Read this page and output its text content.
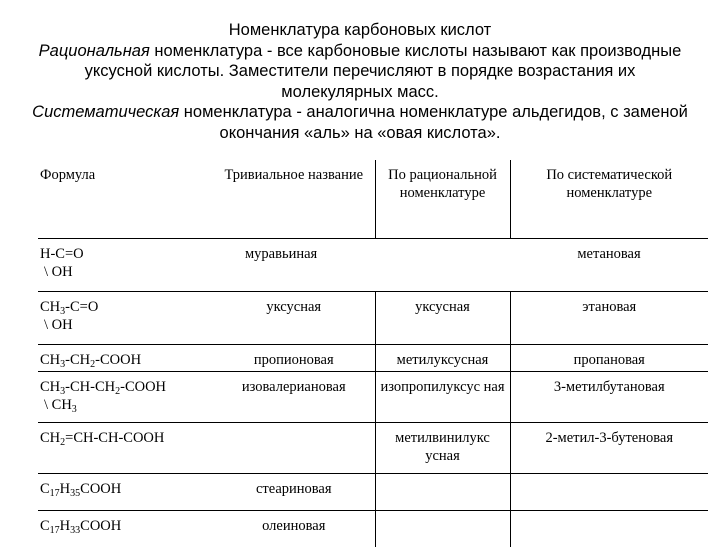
Номенклатура карбоновых кислот

Рациональная номенклатура - все карбоновые кислоты называют как производные уксусной кислоты. Заместители перечисляют в порядке возрастания их молекулярных масс.

Систематическая номенклатура - аналогична номенклатуре альдегидов, с заменой окончания «аль» на «овая кислота».

Формула	Тривиальное название	По рациональной номенклатуре	По систематической номенклатуре
H-C=O
\ OH	муравьиная		метановая
$CH_3-C=O$
\ OH	уксусная	уксусная	этановая
$CH_3-CH_2$-COOH	пропионовая	метилуксусная	пропановая
$CH_3-CH-CH_2$-COOH
\ $CH_3$	изовалериановая	изопропилуксус ная	3-метилбутановая
$CH_2=CH-CH$-COOH		метилвинилукс усная	2-метил-3-бутеновая
$C_{17}H_{35}COOH$	стеариновая		
$C_{17}H_{33}COOH$	олеиновая		
